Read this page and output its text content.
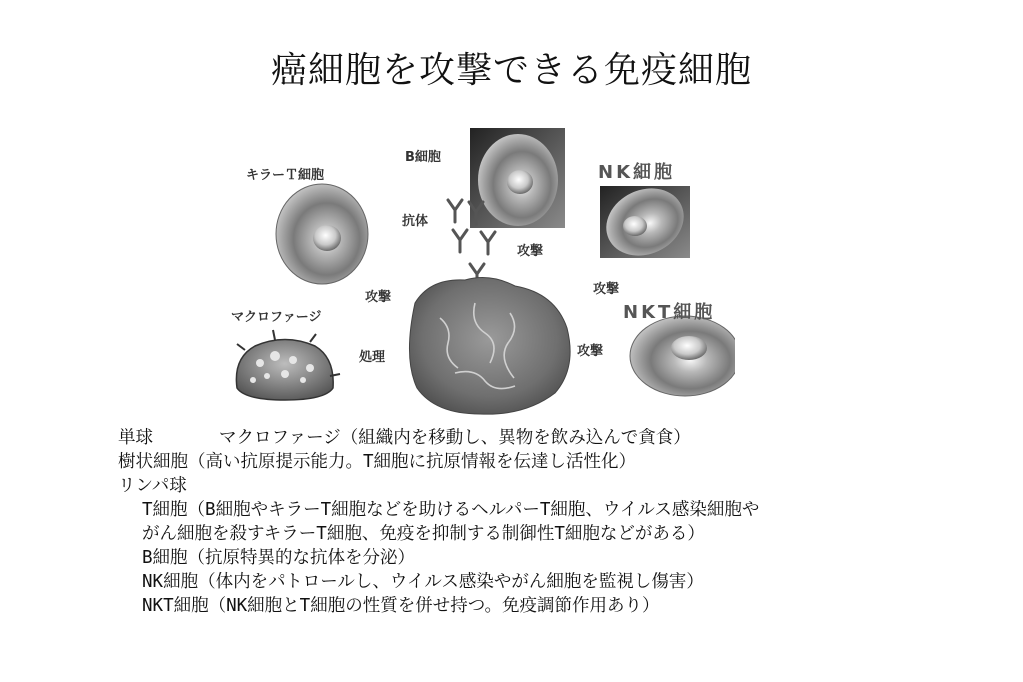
癌細胞を攻撃できる免疫細胞
キラーＴ細胞
B細胞
NK細胞
NKT細胞
マクロファージ
抗体
攻撃
攻撃
攻撃
攻撃
処理
単球	マクロファージ（組織内を移動し、異物を飲み込んで貪食）
樹状細胞（高い抗原提示能力。T細胞に抗原情報を伝達し活性化）
リンパ球
T細胞（B細胞やキラーT細胞などを助けるヘルパーT細胞、ウイルス感染細胞や
がん細胞を殺すキラーT細胞、免疫を抑制する制御性T細胞などがある）
B細胞（抗原特異的な抗体を分泌）
NK細胞（体内をパトロールし、ウイルス感染やがん細胞を監視し傷害）
NKT細胞（NK細胞とT細胞の性質を併せ持つ。免疫調節作用あり）
